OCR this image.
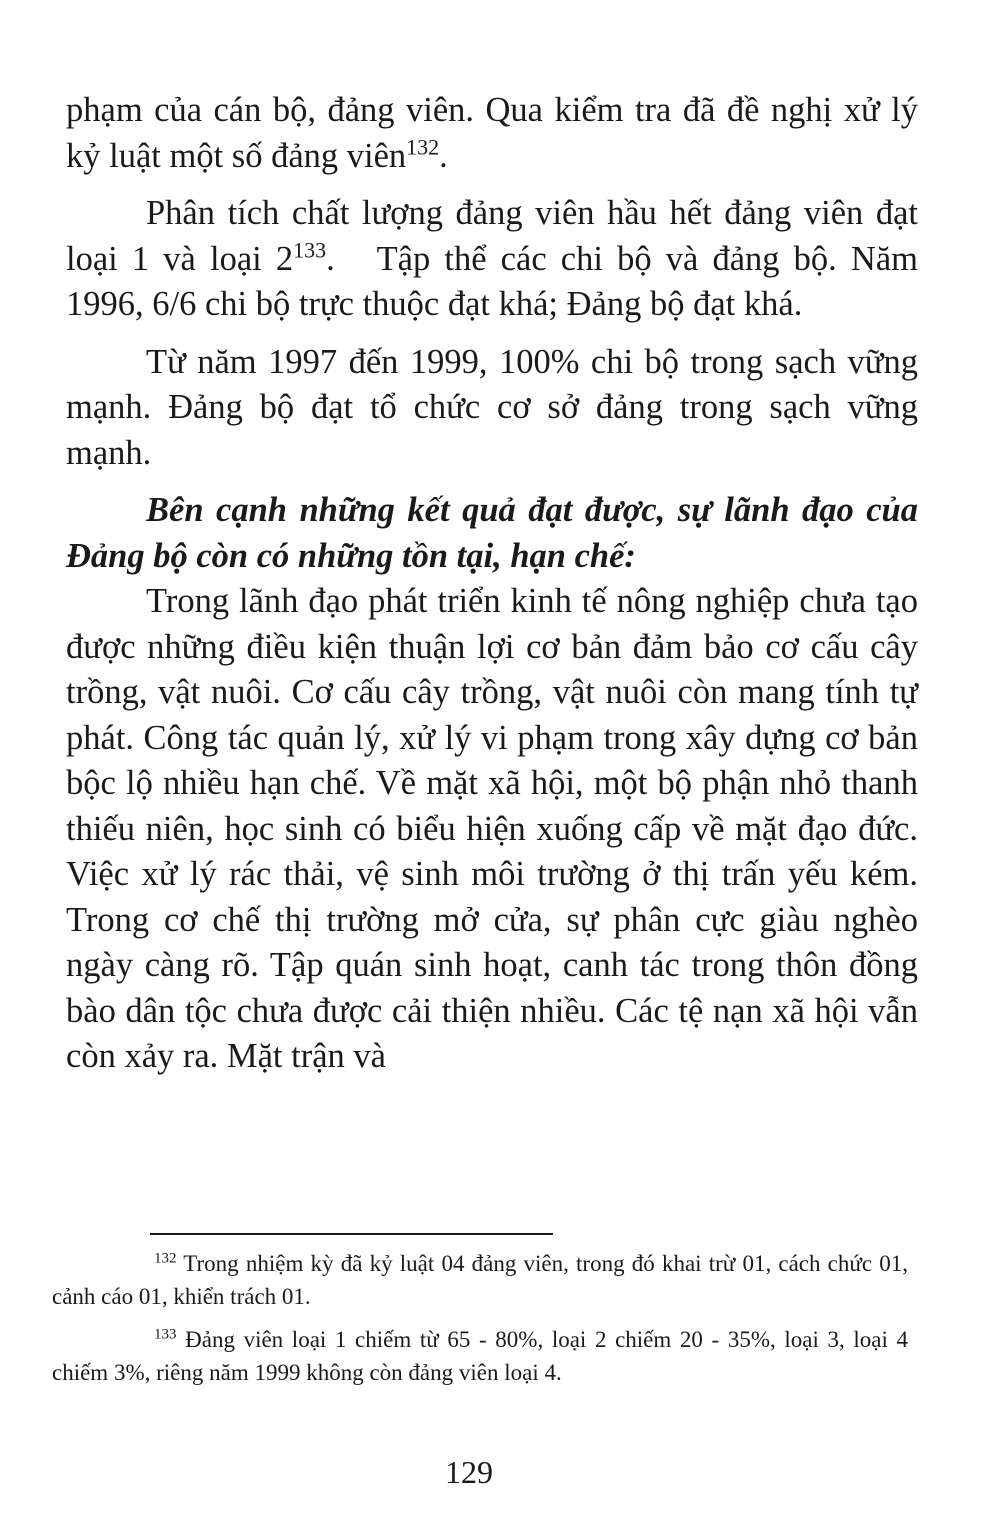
phạm của cán bộ, đảng viên. Qua kiểm tra đã đề nghị xử lý kỷ luật một số đảng viên$^{132}$.

Phân tích chất lượng đảng viên hầu hết đảng viên đạt loại 1 và loại $2^{133}$.   Tập thể các chi bộ và đảng bộ. Năm 1996, 6/6 chi bộ trực thuộc đạt khá; Đảng bộ đạt khá.

Từ năm 1997 đến 1999, 100% chi bộ trong sạch vững mạnh. Đảng bộ đạt tổ chức cơ sở đảng trong sạch vững mạnh.

Bên cạnh những kết quả đạt được, sự lãnh đạo của Đảng bộ còn có những tồn tại, hạn chế:

Trong lãnh đạo phát triển kinh tế nông nghiệp chưa tạo được những điều kiện thuận lợi cơ bản đảm bảo cơ cấu cây trồng, vật nuôi. Cơ cấu cây trồng, vật nuôi còn mang tính tự phát. Công tác quản lý, xử lý vi phạm trong xây dựng cơ bản bộc lộ nhiều hạn chế. Về mặt xã hội, một bộ phận nhỏ thanh thiếu niên, học sinh có biểu hiện xuống cấp về mặt đạo đức. Việc xử lý rác thải, vệ sinh môi trường ở thị trấn yếu kém. Trong cơ chế thị trường mở cửa, sự phân cực giàu nghèo ngày càng rõ. Tập quán sinh hoạt, canh tác trong thôn đồng bào dân tộc chưa được cải thiện nhiều. Các tệ nạn xã hội vẫn còn xảy ra. Mặt trận và

$^{132}$ Trong nhiệm kỳ đã kỷ luật 04 đảng viên, trong đó khai trừ 01, cách chức 01, cảnh cáo 01, khiển trách 01.

$^{133}$ Đảng viên loại 1 chiếm từ 65 - 80%, loại 2 chiếm 20 - 35%, loại 3, loại 4 chiếm 3%, riêng năm 1999 không còn đảng viên loại 4.

129
